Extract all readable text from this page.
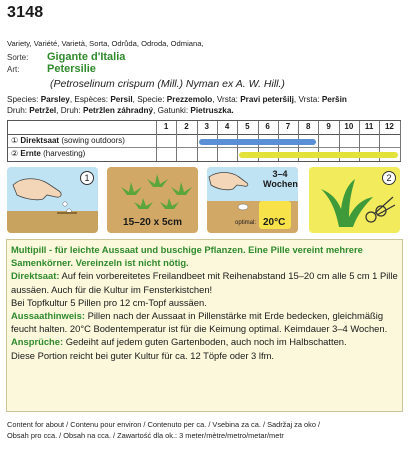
3148
Variety, Variété, Varietà, Sorta, Odrůda, Odroda, Odmiana,
Sorte: Gigante d'Italia
Art:	Petersilie
(Petroselinum crispum (Mill.) Nyman ex A. W. Hill.)
Species: Parsley, Espèces: Persil, Specie: Prezzemolo, Vrsta: Pravi peteršilj, Vrsta: Peršin
Druh: Petržel, Druh: Petržlen záhradný, Gatunki: Pietruszka.
1	2	3	4	5	6	7	8	9	10	11	12
① Direktsaat (sowing outdoors)
② Ernte (harvesting)
1
15–20 x 5cm
3–4
Wochen
optimal: 20°C
2

Multipill - für leichte Aussaat und buschige Pflanzen. Eine Pille vereint mehrere Samenkörner. Vereinzeln ist nicht nötig.

Direktsaat: Auf fein vorbereitetes Freilandbeet mit Reihenabstand 15–20 cm alle 5 cm 1 Pille aussäen. Auch für die Kultur im Fensterkistchen!

Bei Topfkultur 5 Pillen pro 12 cm-Topf aussäen.

Aussaathinweis: Pillen nach der Aussaat in Pillenstärke mit Erde bedecken, gleichmäßig feucht halten. 20°C Bodentemperatur ist für die Keimung optimal. Keimdauer 3–4 Wochen. Ansprüche: Gedeiht auf jedem guten Gartenboden, auch noch im Halbschatten.

Diese Portion reicht bei guter Kultur für ca. 12 Töpfe oder 3 lfm.

Content for about / Contenu pour environ / Contenuto per ca. / Vsebina za ca. / Sadržaj za oko /
Obsah pro cca. / Obsah na cca. / Zawartość dla ok.: 3 meter/mètre/metro/metar/metr
